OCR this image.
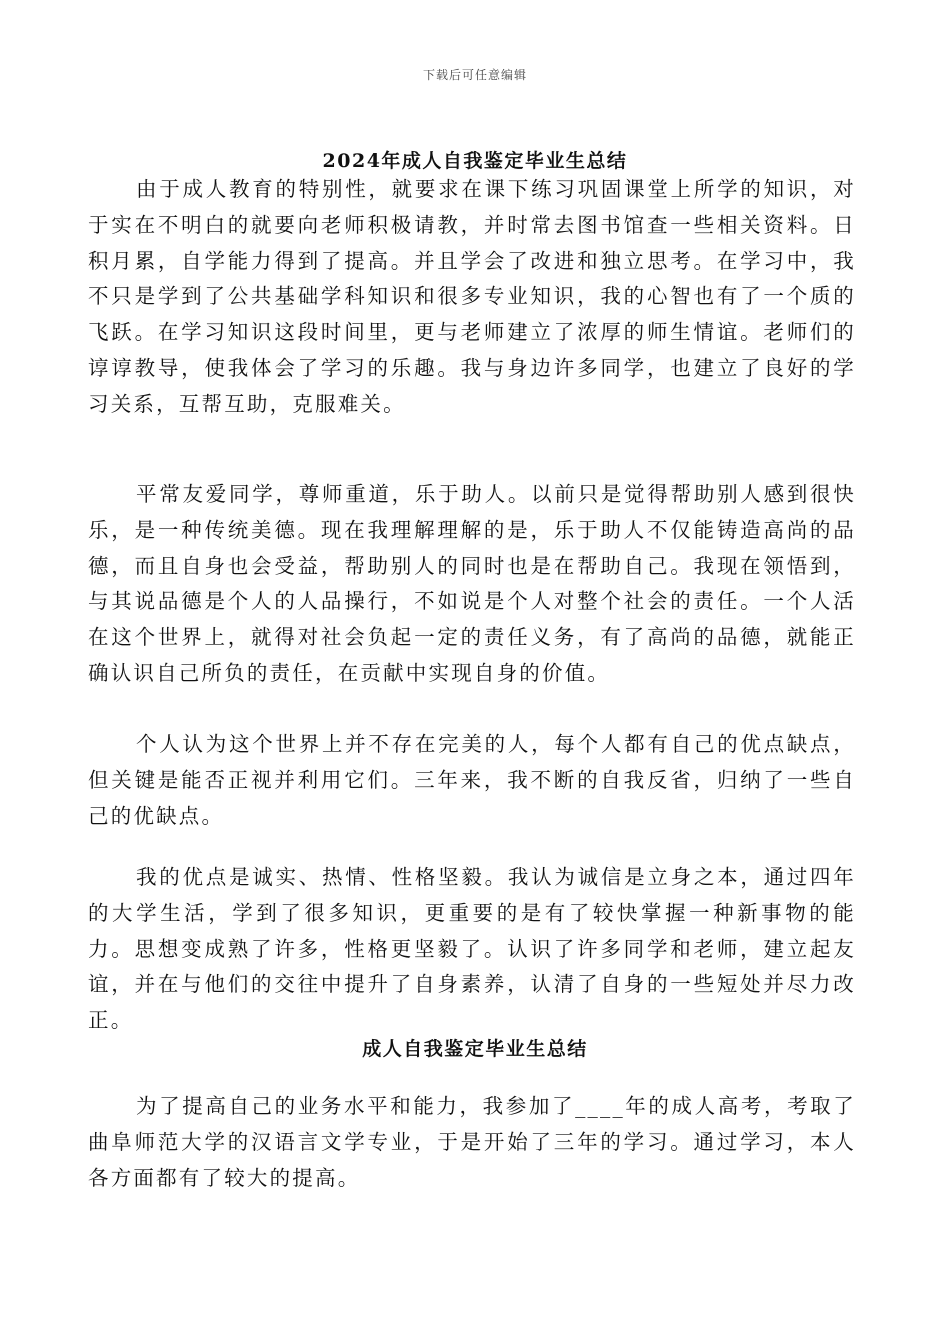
下载后可任意编辑
2024年成人自我鉴定毕业生总结

由于成人教育的特别性，就要求在课下练习巩固课堂上所学的知识，对于实在不明白的就要向老师积极请教，并时常去图书馆查一些相关资料。日积月累，自学能力得到了提高。并且学会了改进和独立思考。在学习中，我不只是学到了公共基础学科知识和很多专业知识，我的心智也有了一个质的飞跃。在学习知识这段时间里，更与老师建立了浓厚的师生情谊。老师们的谆谆教导，使我体会了学习的乐趣。我与身边许多同学，也建立了良好的学习关系，互帮互助，克服难关。

平常友爱同学，尊师重道，乐于助人。以前只是觉得帮助别人感到很快乐，是一种传统美德。现在我理解理解的是，乐于助人不仅能铸造高尚的品德，而且自身也会受益，帮助别人的同时也是在帮助自己。我现在领悟到，与其说品德是个人的人品操行，不如说是个人对整个社会的责任。一个人活在这个世界上，就得对社会负起一定的责任义务，有了高尚的品德，就能正确认识自己所负的责任，在贡献中实现自身的价值。

个人认为这个世界上并不存在完美的人，每个人都有自己的优点缺点，但关键是能否正视并利用它们。三年来，我不断的自我反省，归纳了一些自己的优缺点。

我的优点是诚实、热情、性格坚毅。我认为诚信是立身之本，通过四年的大学生活，学到了很多知识，更重要的是有了较快掌握一种新事物的能力。思想变成熟了许多，性格更坚毅了。认识了许多同学和老师，建立起友谊，并在与他们的交往中提升了自身素养，认清了自身的一些短处并尽力改正。

成人自我鉴定毕业生总结

为了提高自己的业务水平和能力，我参加了____年的成人高考，考取了曲阜师范大学的汉语言文学专业，于是开始了三年的学习。通过学习，本人各方面都有了较大的提高。
